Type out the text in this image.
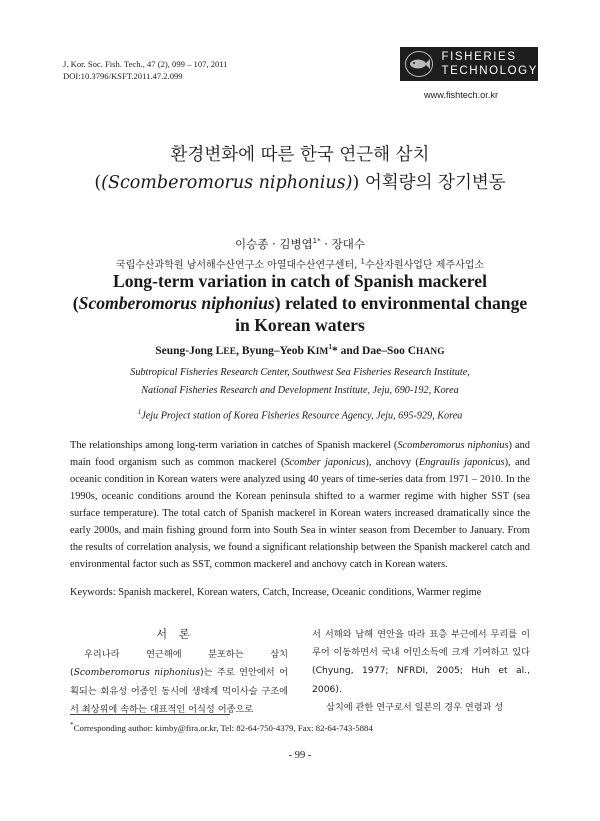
J. Kor. Soc. Fish. Tech., 47 (2), 099 – 107, 2011
DOI:10.3796/KSFT.2011.47.2.099
FISHERIES
TECHNOLOGY
www.fishtech.or.kr
환경변화에 따른 한국 연근해 삼치
((Scomberomorus niphonius)) 어획량의 장기변동
이승종 · 김병엽$^{1*}$ · 장대수
국립수산과학원 남서해수산연구소 아열대수산연구센터, $^1$수산자원사업단 제주사업소
Long-term variation in catch of Spanish mackerel
(Scomberomorus niphonius) related to environmental change
in Korean waters
Seung-Jong LEE, Byung–Yeob KIM$^1$* and Dae–Soo CHANG
Subtropical Fisheries Research Center, Southwest Sea Fisheries Research Institute,
National Fisheries Research and Development Institute, Jeju, 690-192, Korea
$^1$Jeju Project station of Korea Fisheries Resource Agency, Jeju, 695-929, Korea
The relationships among long-term variation in catches of Spanish mackerel (Scomberomorus niphonius) and main food organism such as common mackerel (Scomber japonicus), anchovy (Engraulis japonicus), and oceanic condition in Korean waters were analyzed using 40 years of time-series data from 1971 – 2010. In the 1990s, oceanic conditions around the Korean peninsula shifted to a warmer regime with higher SST (sea surface temperature). The total catch of Spanish mackerel in Korean waters increased dramatically since the early 2000s, and main fishing ground form into South Sea in winter season from December to January. From the results of correlation analysis, we found a significant relationship between the Spanish mackerel catch and environmental factor such as SST, common mackerel and anchovy catch in Korean waters.
Keywords: Spanish mackerel, Korean waters, Catch, Increase, Oceanic conditions, Warmer regime
서론

우리나라 연근해에 분포하는 삼치 (Scomberomorus niphonius)는 주로 연안에서 어획되는 회유성 어종인 동시에 생태계 먹이사슬 구조에서 최상위에 속하는 대표적인 어식성 어종으로

서 서해와 남해 연안을 따라 표층 부근에서 무리를 이루어 이동하면서 국내 어민소득에 크게 기여하고 있다 (Chyung, 1977; NFRDI, 2005; Huh et al., 2006).

삼치에 관한 연구로서 일본의 경우 연령과 성

*Corresponding author: kimby@fira.or.kr, Tel: 82-64-750-4379, Fax: 82-64-743-5884
- 99 -
